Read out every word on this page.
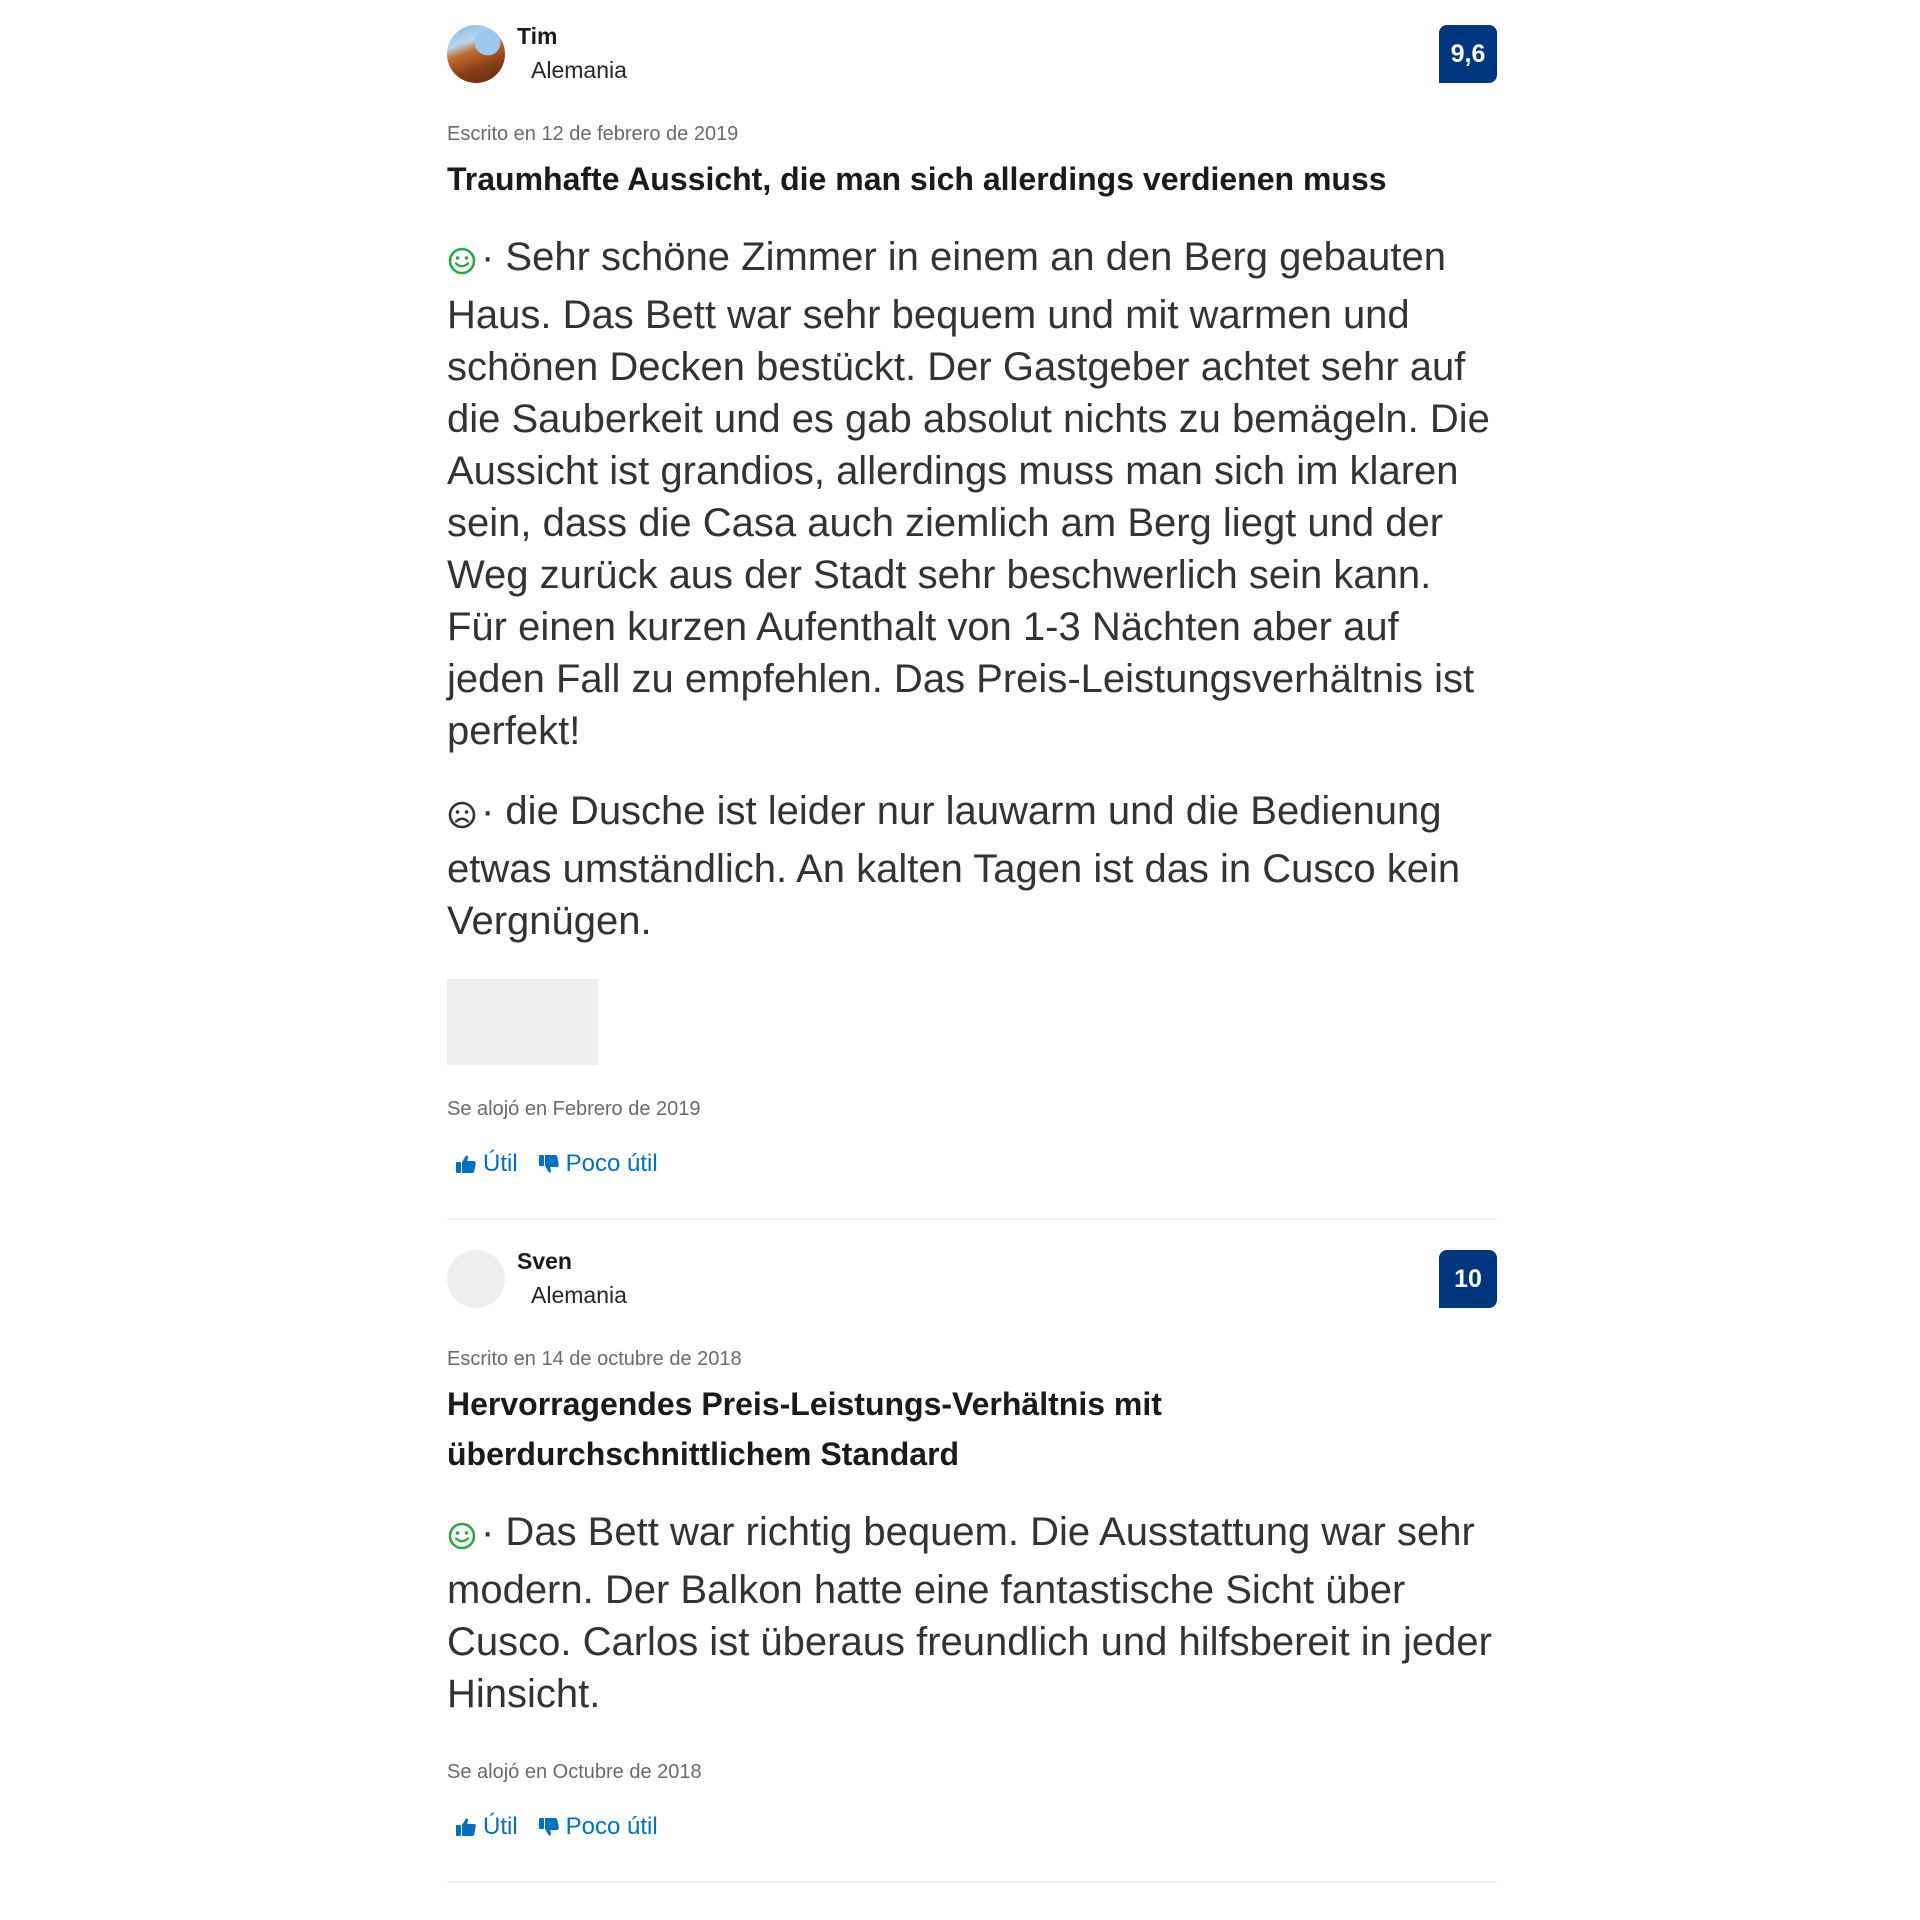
Tim
Alemania
9,6
Escrito en 12 de febrero de 2019
Traumhafte Aussicht, die man sich allerdings verdienen muss
· Sehr schöne Zimmer in einem an den Berg gebauten Haus. Das Bett war sehr bequem und mit warmen und schönen Decken bestückt. Der Gastgeber achtet sehr auf die Sauberkeit und es gab absolut nichts zu bemägeln. Die Aussicht ist grandios, allerdings muss man sich im klaren sein, dass die Casa auch ziemlich am Berg liegt und der Weg zurück aus der Stadt sehr beschwerlich sein kann. Für einen kurzen Aufenthalt von 1-3 Nächten aber auf jeden Fall zu empfehlen. Das Preis-Leistungsverhältnis ist perfekt!
· die Dusche ist leider nur lauwarm und die Bedienung etwas umständlich. An kalten Tagen ist das in Cusco kein Vergnügen.
Se alojó en Febrero de 2019
Útil Poco útil
Sven
Alemania
10
Escrito en 14 de octubre de 2018
Hervorragendes Preis-Leistungs-Verhältnis mit überdurchschnittlichem Standard
· Das Bett war richtig bequem. Die Ausstattung war sehr modern. Der Balkon hatte eine fantastische Sicht über Cusco. Carlos ist überaus freundlich und hilfsbereit in jeder Hinsicht.
Se alojó en Octubre de 2018
Útil Poco útil
